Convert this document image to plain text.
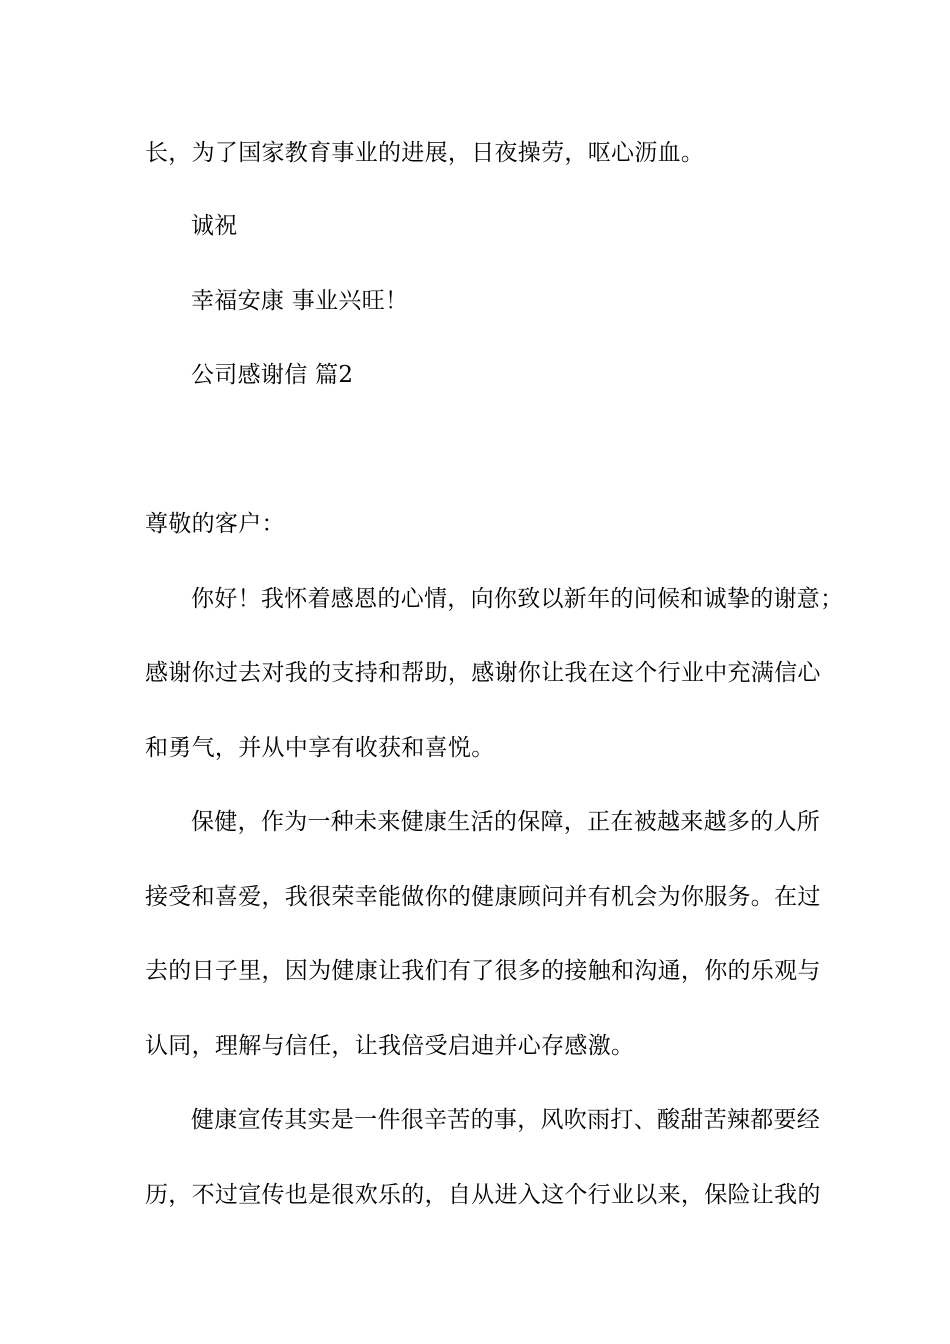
长，为了国家教育事业的进展，日夜操劳，呕心沥血。
诚祝
幸福安康 事业兴旺！
公司感谢信 篇2
尊敬的客户：
你好！我怀着感恩的心情，向你致以新年的问候和诚挚的谢意；
感谢你过去对我的支持和帮助，感谢你让我在这个行业中充满信心
和勇气，并从中享有收获和喜悦。
保健，作为一种未来健康生活的保障，正在被越来越多的人所
接受和喜爱，我很荣幸能做你的健康顾问并有机会为你服务。在过
去的日子里，因为健康让我们有了很多的接触和沟通，你的乐观与
认同，理解与信任，让我倍受启迪并心存感激。
健康宣传其实是一件很辛苦的事，风吹雨打、酸甜苦辣都要经
历，不过宣传也是很欢乐的，自从进入这个行业以来，保险让我的
